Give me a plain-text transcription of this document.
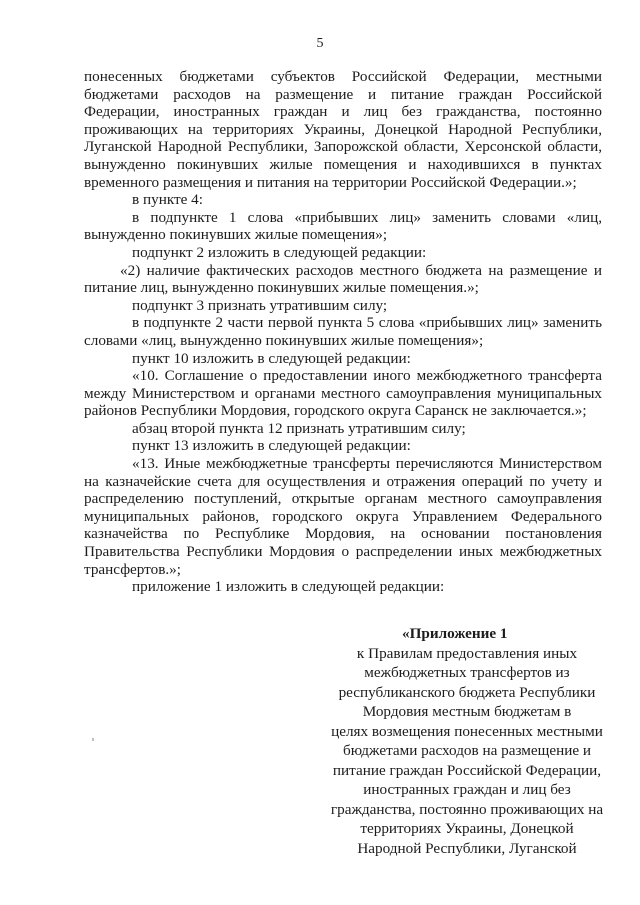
5

понесенных бюджетами субъектов Российской Федерации, местными бюджетами расходов на размещение и питание граждан Российской Федерации, иностранных граждан и лиц без гражданства, постоянно проживающих на территориях Украины, Донецкой Народной Республики, Луганской Народной Республики, Запорожской области, Херсонской области, вынужденно покинувших жилые помещения и находившихся в пунктах временного размещения и питания на территории Российской Федерации.»;

в пункте 4:

в подпункте 1 слова «прибывших лиц» заменить словами «лиц, вынужденно покинувших жилые помещения»;

подпункт 2 изложить в следующей редакции:

«2) наличие фактических расходов местного бюджета на размещение и питание лиц, вынужденно покинувших жилые помещения.»;

подпункт 3 признать утратившим силу;

в подпункте 2 части первой пункта 5 слова «прибывших лиц» заменить словами «лиц, вынужденно покинувших жилые помещения»;

пункт 10 изложить в следующей редакции:

«10. Соглашение о предоставлении иного межбюджетного трансферта между Министерством и органами местного самоуправления муниципальных районов Республики Мордовия, городского округа Саранск не заключается.»;

абзац второй пункта 12 признать утратившим силу;

пункт 13 изложить в следующей редакции:

«13. Иные межбюджетные трансферты перечисляются Министерством на казначейские счета для осуществления и отражения операций по учету и распределению поступлений, открытые органам местного самоуправления муниципальных районов, городского округа Управлением Федерального казначейства по Республике Мордовия, на основании постановления Правительства Республики Мордовия о распределении иных межбюджетных трансфертов.»;

приложение 1 изложить в следующей редакции:

«Приложение 1
к Правилам предоставления иных
межбюджетных трансфертов из
республиканского бюджета Республики
Мордовия местным бюджетам в
целях возмещения понесенных местными
бюджетами расходов на размещение и
питание граждан Российской Федерации,
иностранных граждан и лиц без
гражданства, постоянно проживающих на
территориях Украины, Донецкой
Народной Республики, Луганской
